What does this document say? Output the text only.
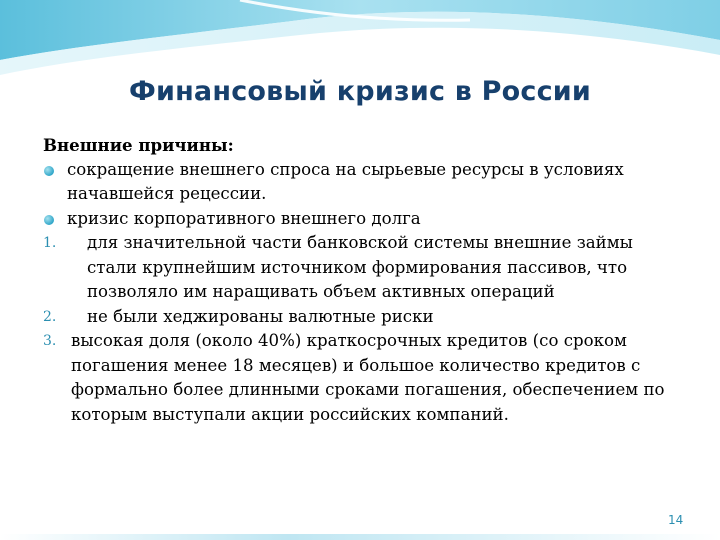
Финансовый кризис в России
Внешние причины:
сокращение внешнего спроса на сырьевые ресурсы в условиях начавшейся рецессии.
кризис корпоративного внешнего долга
1. для значительной части банковской системы внешние займы стали крупнейшим источником формирования пассивов, что позволяло им наращивать объем активных операций
2. не были хеджированы валютные риски
3. высокая доля (около 40%) краткосрочных кредитов (со сроком погашения менее 18 месяцев) и большое количество кредитов с формально более длинными сроками погашения, обеспечением по которым выступали акции российских компаний.
14
